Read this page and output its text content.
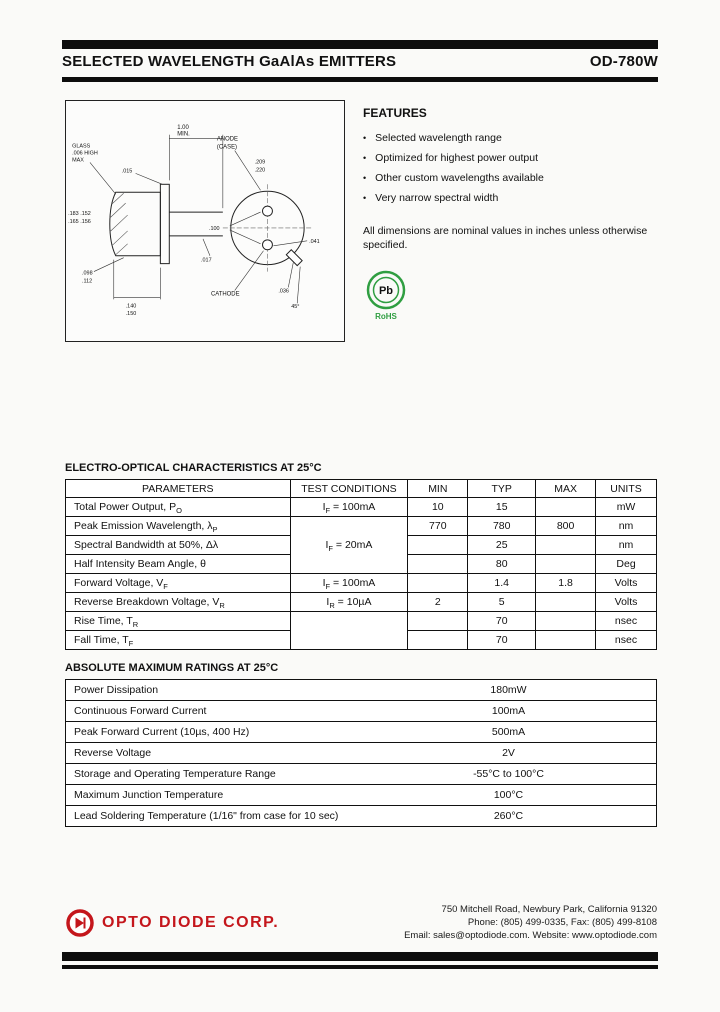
SELECTED WAVELENGTH GaAlAs EMITTERS	OD-780W
1.00
MIN.
GLASS
.006 HIGH
MAX
.015
.183 .152
.165 .156
.098
.112
.140
.150
.017
ANODE
(CASE)
.209
.220
.100
.041
.036
45°
CATHODE
FEATURES
• Selected wavelength range
• Optimized for highest power output
• Other custom wavelengths available
• Very narrow spectral width

All dimensions are nominal values in inches unless otherwise specified.

Pb
RoHS
ELECTRO-OPTICAL CHARACTERISTICS AT 25°C
PARAMETERS	TEST CONDITIONS	MIN	TYP	MAX	UNITS
Total Power Output, $P_O$	$I_F = 100mA$	10	15		mW
Peak Emission Wavelength, $\lambda_P$	$I_F = 20mA$	770	780	800	nm
Spectral Bandwidth at 50%, Δλ			25		nm
Half Intensity Beam Angle, θ			80		Deg
Forward Voltage, $V_F$	$I_F = 100mA$		1.4	1.8	Volts
Reverse Breakdown Voltage, $V_R$	$I_R = 10\mu A$	2	5		Volts
Rise Time, $T_R$			70		nsec
Fall Time, $T_F$			70		nsec
ABSOLUTE MAXIMUM RATINGS AT 25°C
Power Dissipation	180mW
Continuous Forward Current	100mA
Peak Forward Current (10µs, 400 Hz)	500mA
Reverse Voltage	2V
Storage and Operating Temperature Range	-55°C to 100°C
Maximum Junction Temperature	100°C
Lead Soldering Temperature (1/16" from case for 10 sec)	260°C
OPTO DIODE CORP.
750 Mitchell Road, Newbury Park, California 91320
Phone: (805) 499-0335, Fax: (805) 499-8108
Email: sales@optodiode.com. Website: www.optodiode.com
